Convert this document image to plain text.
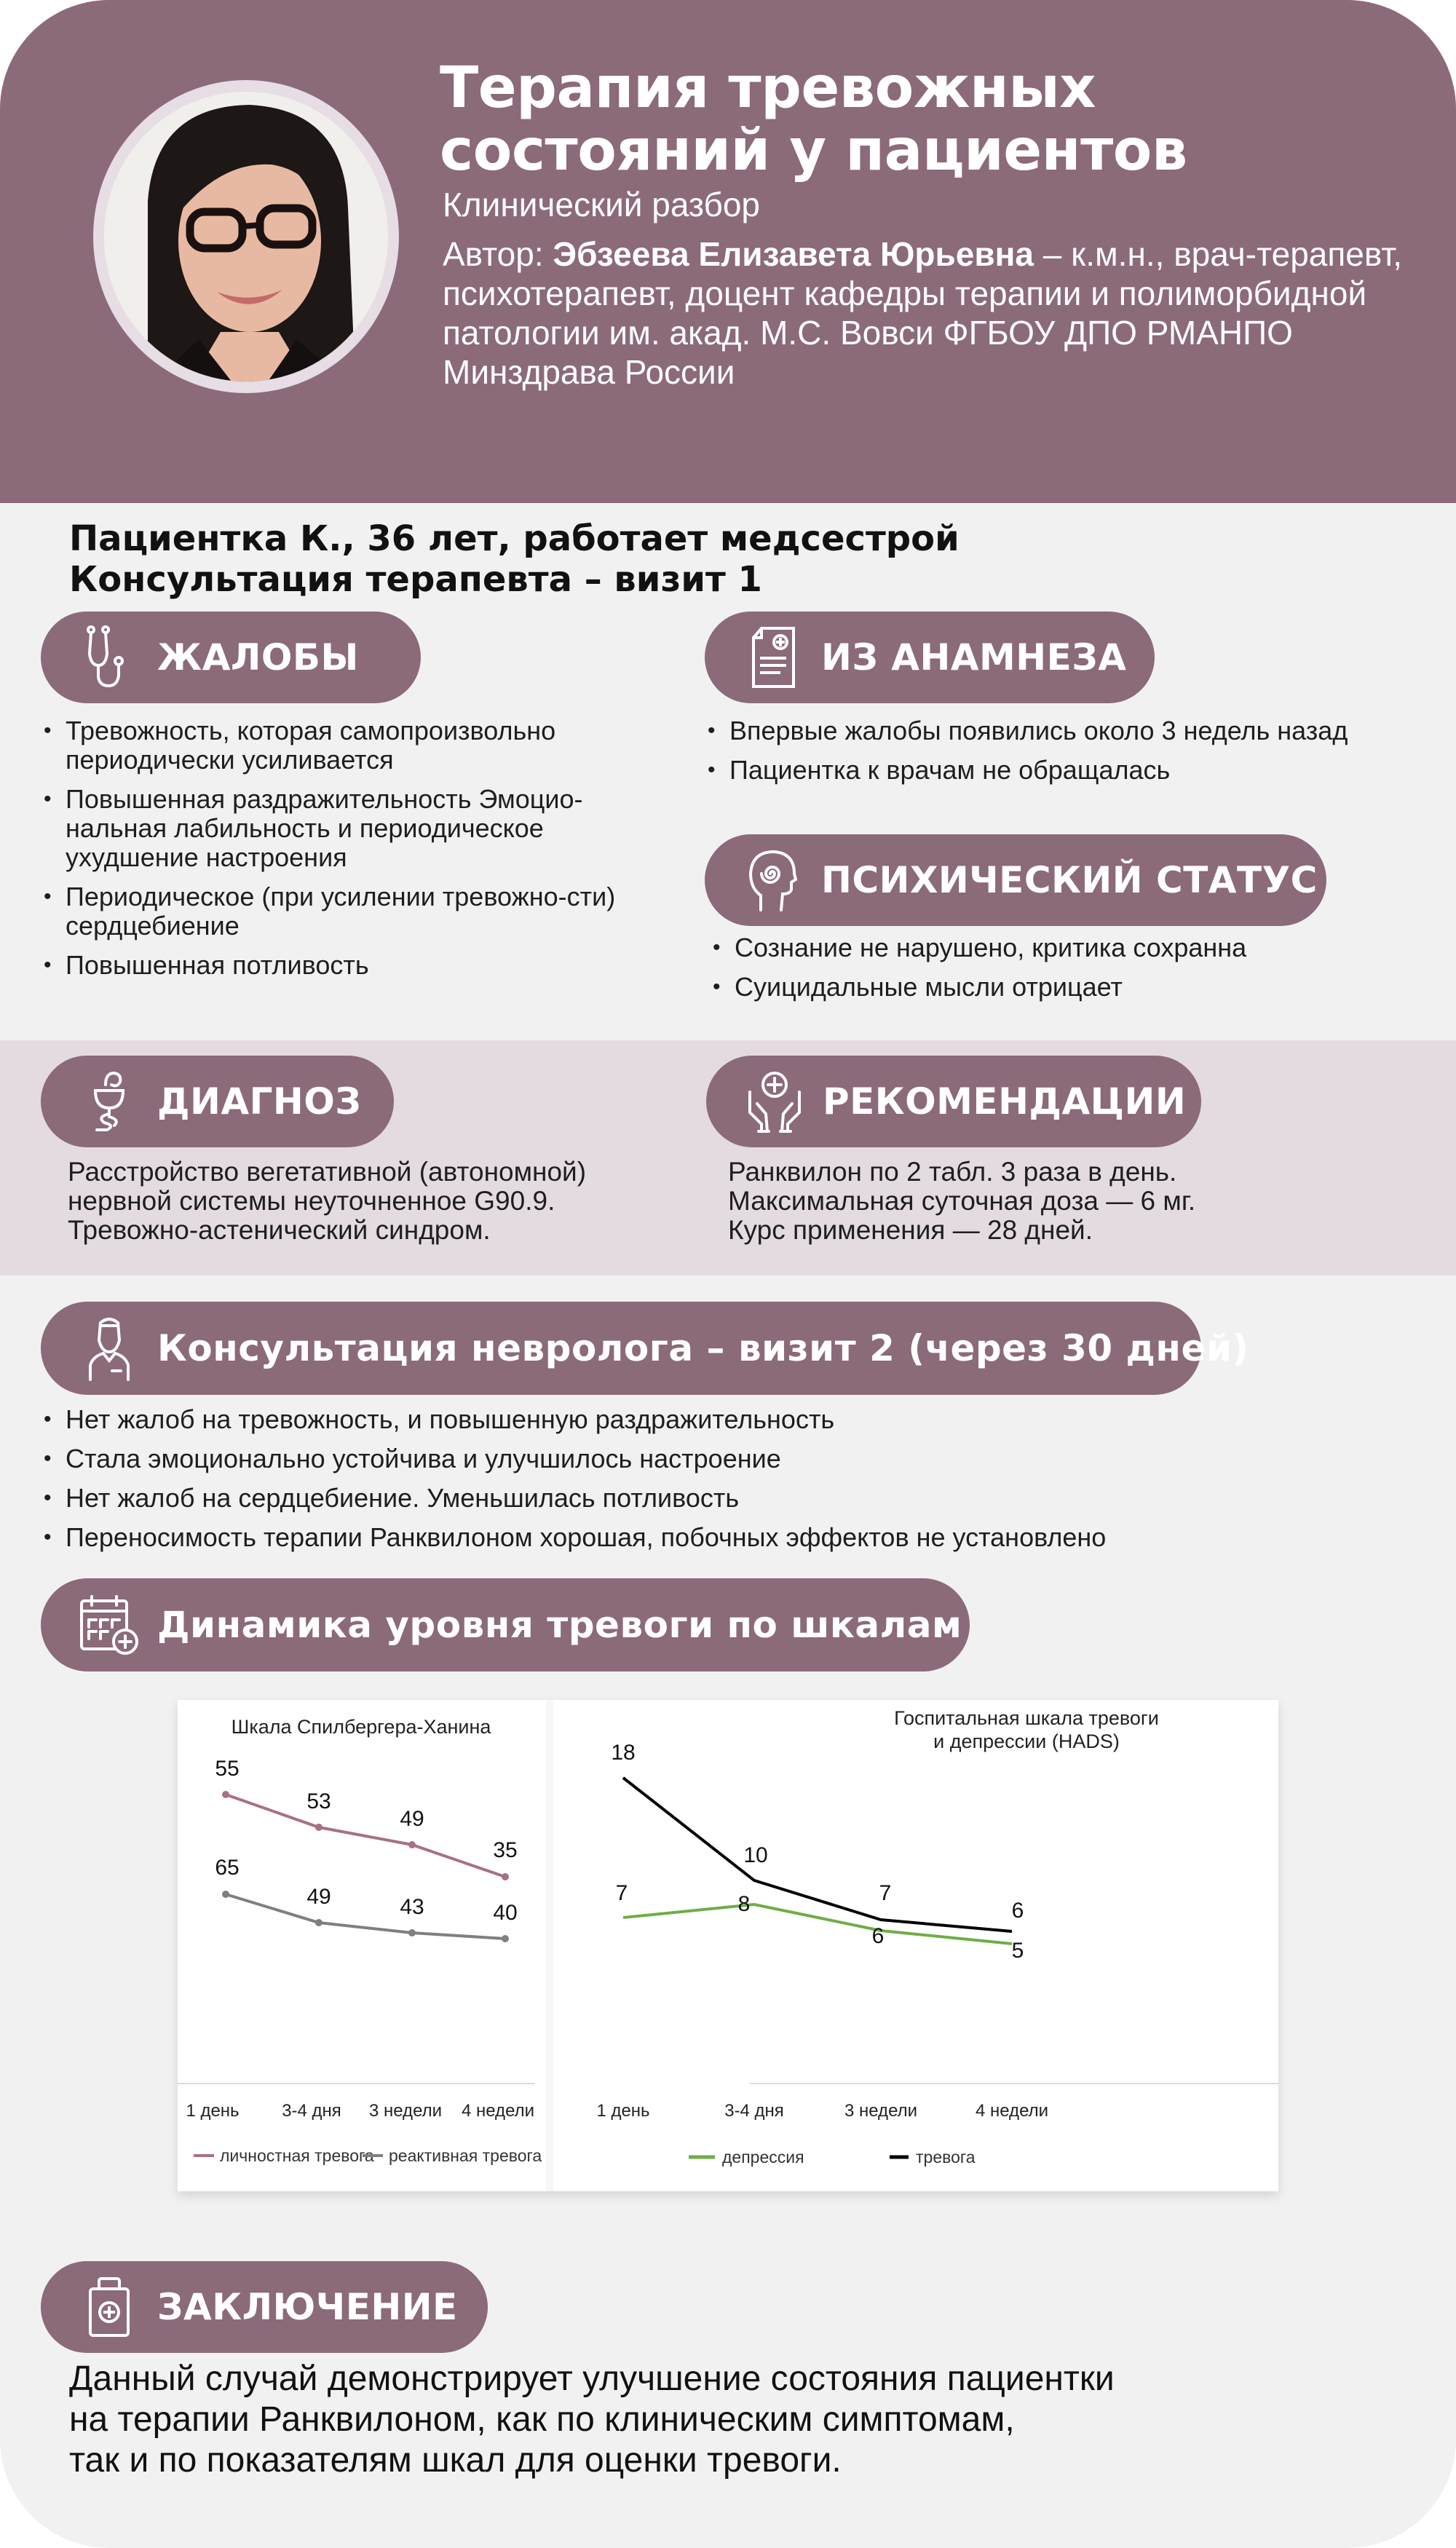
Терапия тревожных
состояний у пациентов
Клинический разбор
Автор: Эбзеева Елизавета Юрьевна – к.м.н., врач-терапевт, психотерапевт, доцент кафедры терапии и полиморбидной патологии им. акад. М.С. Вовси ФГБОУ ДПО РМАНПО Минздрава России
Пациентка К., 36 лет, работает медсестрой
Консультация терапевта – визит 1
ЖАЛОБЫ
• Тревожность, которая самопроизвольно периодически усиливается
• Повышенная раздражительность Эмоцио-нальная лабильность и периодическое ухудшение настроения
• Периодическое (при усилении тревожно-сти) сердцебиение
• Повышенная потливость
ИЗ АНАМНЕЗА
• Впервые жалобы появились около 3 недель назад
• Пациентка к врачам не обращалась
ПСИХИЧЕСКИЙ СТАТУС
• Сознание не нарушено, критика сохранна
• Суицидальные мысли отрицает
ДИАГНОЗ
Расстройство вегетативной (автономной)
нервной системы неуточненное G90.9.
Тревожно-астенический синдром.
РЕКОМЕНДАЦИИ
Ранквилон по 2 табл. 3 раза в день.
Максимальная суточная доза — 6 мг.
Курс применения — 28 дней.
Консультация невролога – визит 2 (через 30 дней)
• Нет жалоб на тревожность, и повышенную раздражительность
• Стала эмоционально устойчива и улучшилось настроение
• Нет жалоб на сердцебиение. Уменьшилась потливость
• Переносимость терапии Ранквилоном хорошая, побочных эффектов не установлено
Динамика уровня тревоги по шкалам
Шкала Спилбергера-Ханина
55
53
49
35
65
49	43	40
1 день 3-4 дня 3 недели 4 недели
личностная тревога реактивная тревога
Госпитальная шкала тревоги
и депрессии (HADS)
18
10
7
6
7	8
6
5
1 день	3-4 дня	3 недели	4 недели
депрессия	тревога
ЗАКЛЮЧЕНИЕ
Данный случай демонстрирует улучшение состояния пациентки
на терапии Ранквилоном, как по клиническим симптомам,
так и по показателям шкал для оценки тревоги.
